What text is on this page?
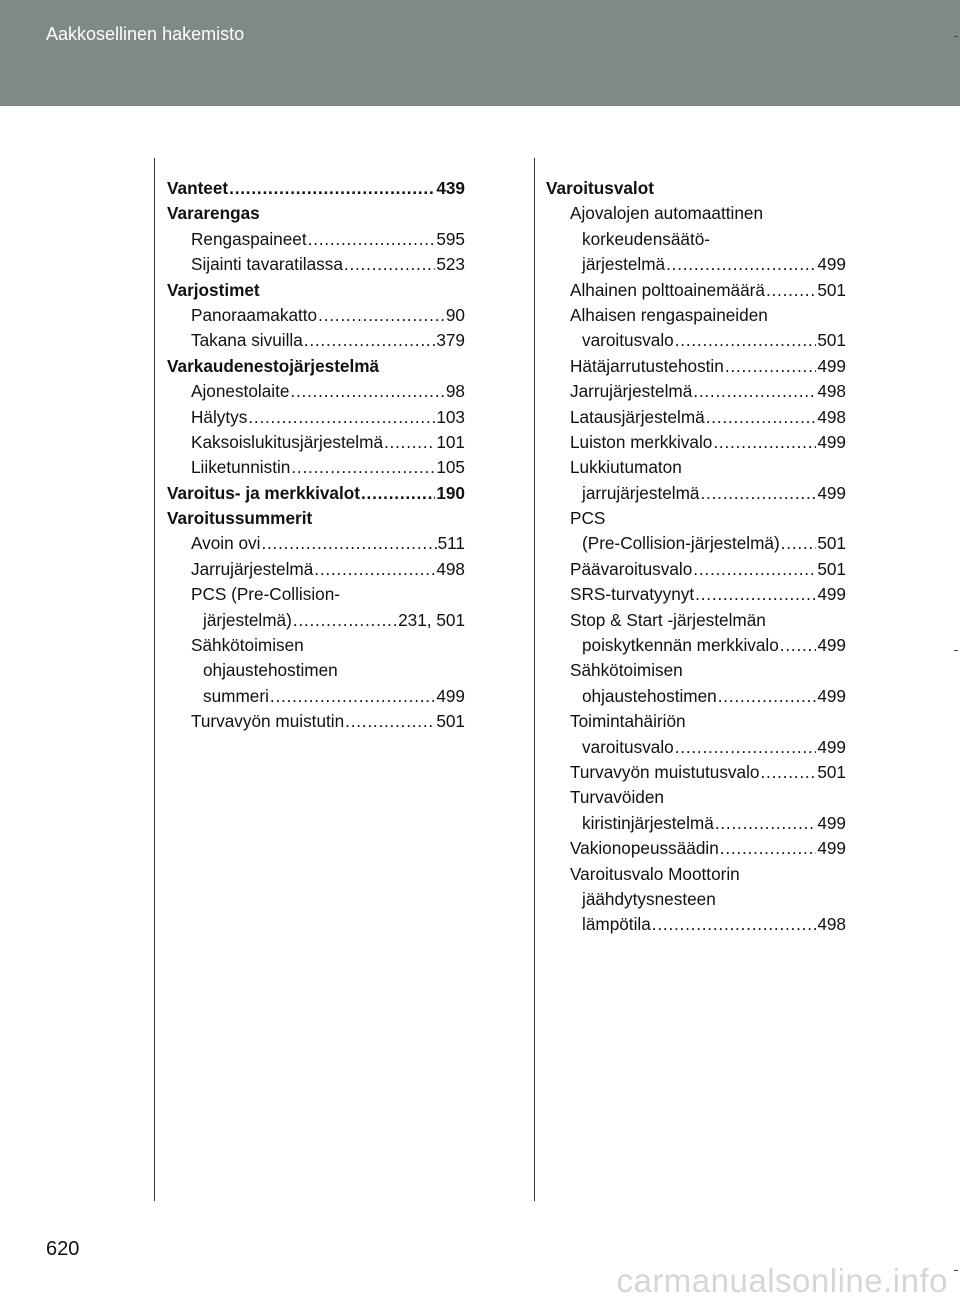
Aakkosellinen hakemisto
Vanteet . . .	439
Vararengas
Rengaspaineet . . .	595
Sijainti tavaratilassa . . .	523
Varjostimet
Panoraamakatto . . .	90
Takana sivuilla . . .	379
Varkaudenestojärjestelmä
Ajonestolaite . . .	98
Hälytys . . .	103
Kaksoislukitusjärjestelmä . . .	101
Liiketunnistin . . .	105
Varoitus- ja merkkivalot . . .	190
Varoitussummerit
Avoin ovi . . .	511
Jarrujärjestelmä . . .	498
PCS (Pre-Collision-
järjestelmä) . . .	231, 501
Sähkötoimisen
ohjaustehostimen
summeri . . .	499
Turvavyön muistutin . . .	501
Varoitusvalot
Ajovalojen automaattinen
korkeudensäätö-
järjestelmä . . .	499
Alhainen polttoainemäärä . . .	501
Alhaisen rengaspaineiden
varoitusvalo . . .	501
Hätäjarrutustehostin . . .	499
Jarrujärjestelmä . . .	498
Latausjärjestelmä . . .	498
Luiston merkkivalo . . .	499
Lukkiutumaton
jarrujärjestelmä . . .	499
PCS
(Pre-Collision-järjestelmä) . . . 501
Päävaroitusvalo . . .	501
SRS-turvatyynyt . . .	499
Stop & Start -järjestelmän
poiskytkennän merkkivalo . . . 499
Sähkötoimisen
ohjaustehostimen . . .	499
Toimintahäiriön
varoitusvalo . . .	499
Turvavyön muistutusvalo . . .	501
Turvavöiden
kiristinjärjestelmä . . .	499
Vakionopeussäädin . . .	499
Varoitusvalo Moottorin
jäähdytysnesteen
lämpötila . . .	498
620
carmanualsonline.info
